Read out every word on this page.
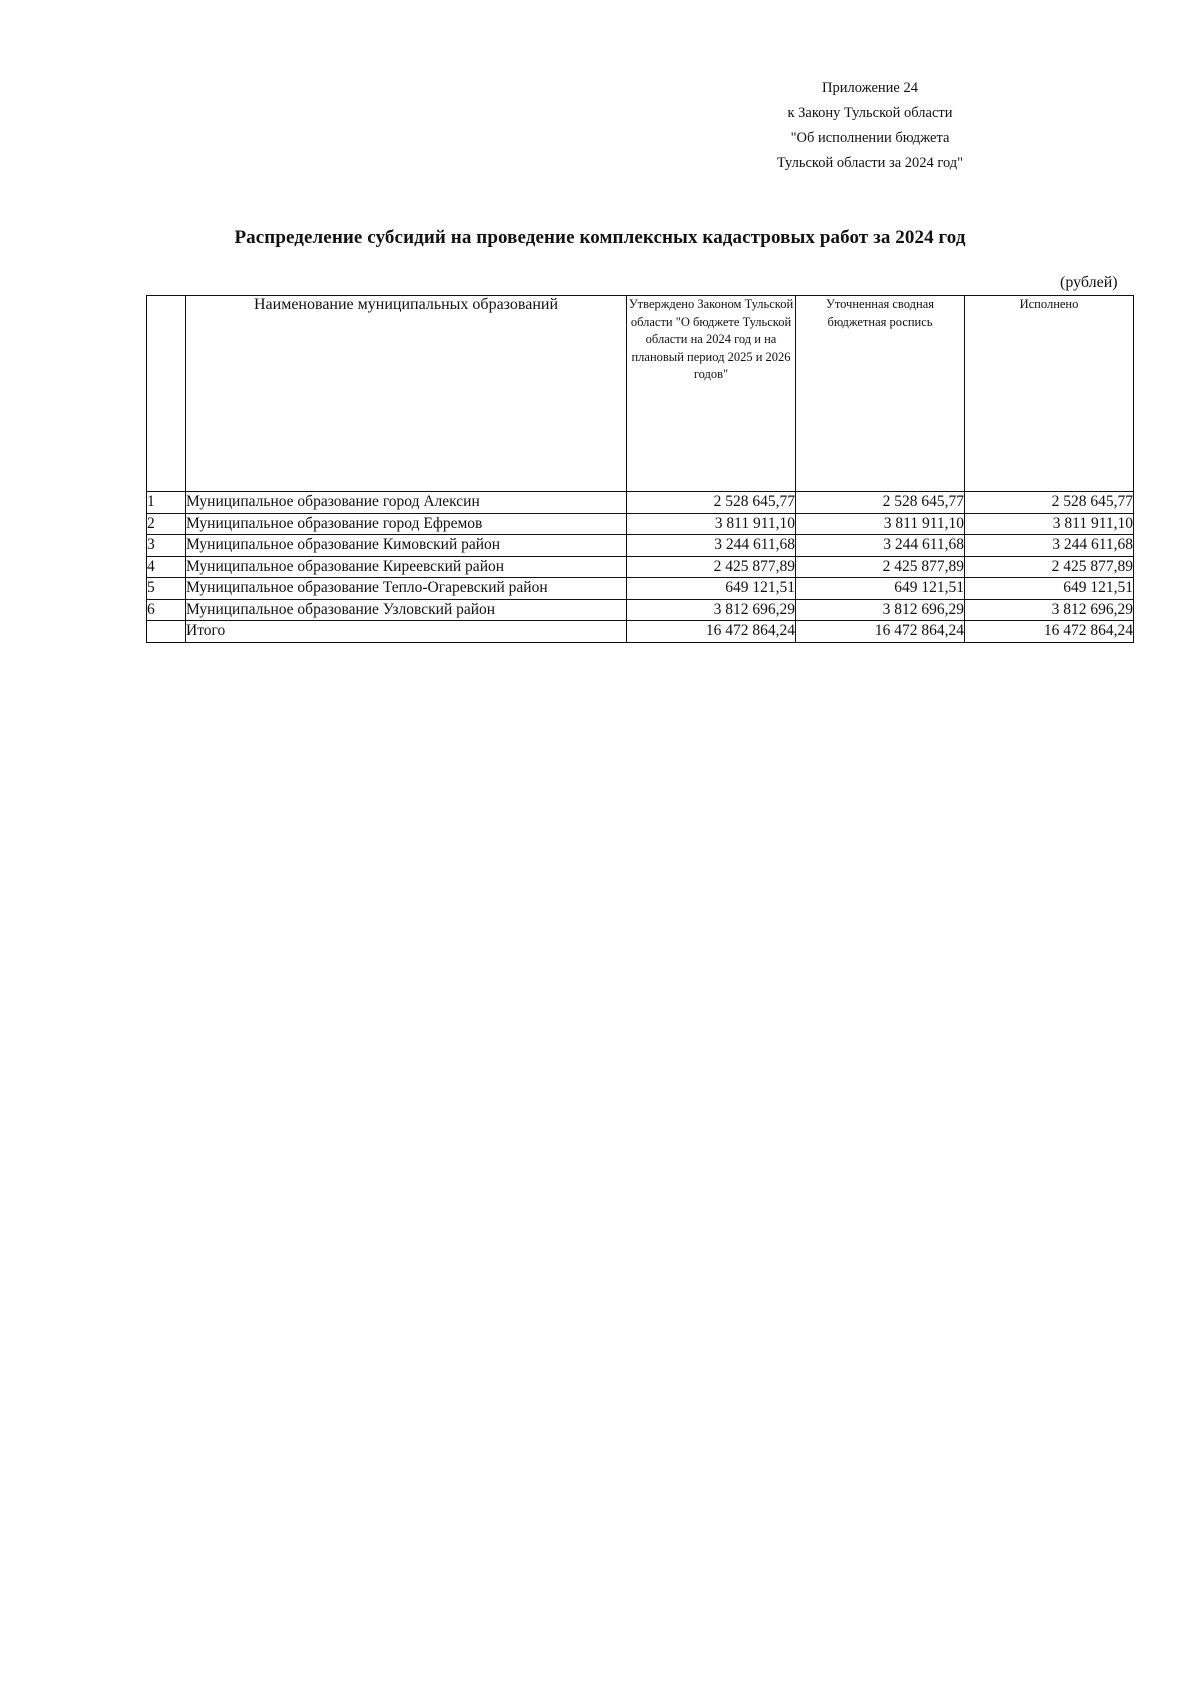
Приложение 24
к Закону Тульской области
"Об исполнении бюджета
Тульской области за 2024 год"
Распределение субсидий на проведение комплексных кадастровых работ за 2024 год
(рублей)
	Наименование муниципальных образований	Утверждено Законом Тульской области "О бюджете Тульской области на 2024 год и на плановый период 2025 и 2026 годов"	Уточненная сводная бюджетная роспись	Исполнено
1	Муниципальное образование город Алексин	2 528 645,77	2 528 645,77	2 528 645,77
2	Муниципальное образование город Ефремов	3 811 911,10	3 811 911,10	3 811 911,10
3	Муниципальное образование Кимовский район	3 244 611,68	3 244 611,68	3 244 611,68
4	Муниципальное образование Киреевский район	2 425 877,89	2 425 877,89	2 425 877,89
5	Муниципальное образование Тепло-Огаревский район	649 121,51	649 121,51	649 121,51
6	Муниципальное образование Узловский район	3 812 696,29	3 812 696,29	3 812 696,29
	Итого	16 472 864,24	16 472 864,24	16 472 864,24
